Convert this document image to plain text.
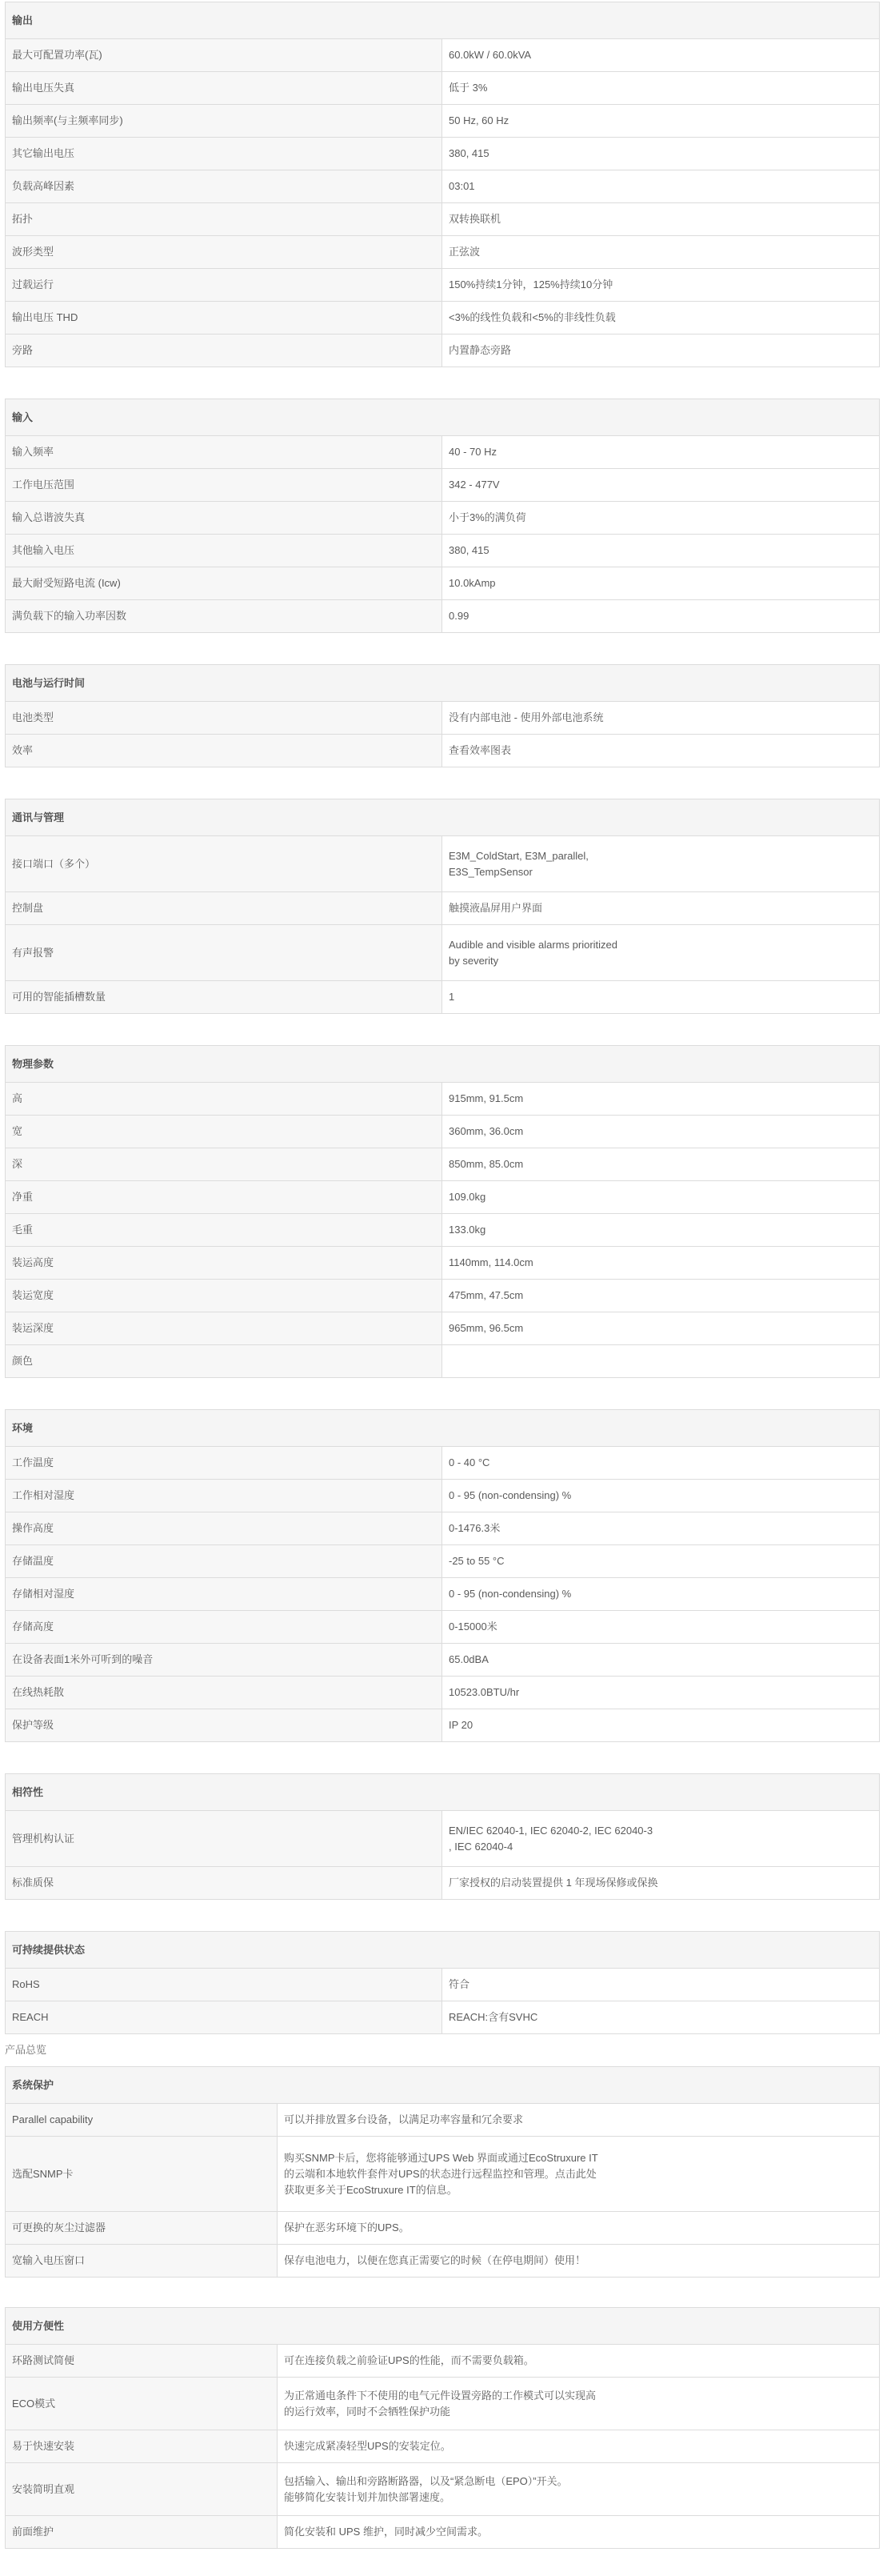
输出	
最大可配置功率(瓦)	60.0kW / 60.0kVA

输出电压失真	低于 3%

输出频率(与主频率同步)	50 Hz, 60 Hz

其它输出电压	380, 415

负载高峰因素	03:01

拓扑	双转换联机

波形类型	正弦波

过载运行	150%持续1分钟，125%持续10分钟

输出电压 THD	<3%的线性负载和<5%的非线性负载

旁路	内置静态旁路
输入	
输入频率	40 - 70 Hz

工作电压范围	342 - 477V

输入总谐波失真	小于3%的满负荷

其他输入电压	380, 415

最大耐受短路电流 (Icw)	10.0kAmp

满负载下的输入功率因数	0.99
电池与运行时间	
电池类型	没有内部电池 - 使用外部电池系统

效率	查看效率图表
通讯与管理	
接口端口（多个）	E3M_ColdStart, E3M_parallel,
E3S_TempSensor

控制盘	触摸液晶屏用户界面

有声报警	Audible and visible alarms prioritized
by severity

可用的智能插槽数量	1
物理参数	
高	915mm, 91.5cm

宽	360mm, 36.0cm

深	850mm, 85.0cm

净重	109.0kg

毛重	133.0kg

装运高度	1140mm, 114.0cm

装运宽度	475mm, 47.5cm

装运深度	965mm, 96.5cm

颜色	
环境	
工作温度	0 - 40 °C

工作相对湿度	0 - 95 (non-condensing) %

操作高度	0-1476.3米

存储温度	-25 to 55 °C

存储相对湿度	0 - 95 (non-condensing) %

存储高度	0-15000米

在设备表面1米外可听到的噪音	65.0dBA

在线热耗散	10523.0BTU/hr

保护等级	IP 20
相符性	
管理机构认证	EN/IEC 62040-1, IEC 62040-2, IEC 62040-3
, IEC 62040-4

标准质保	厂家授权的启动装置提供 1 年现场保修或保换
可持续提供状态	
RoHS	符合

REACH	REACH:含有SVHC
产品总览
系统保护	
Parallel capability	可以并排放置多台设备，以满足功率容量和冗余要求

选配SNMP卡	购买SNMP卡后，您将能够通过UPS Web 界面或通过EcoStruxure IT
的云端和本地软件套件对UPS的状态进行远程监控和管理。点击此处
获取更多关于EcoStruxure IT的信息。

可更换的灰尘过滤器	保护在恶劣环境下的UPS。

宽输入电压窗口	保存电池电力，以便在您真正需要它的时候（在停电期间）使用！
使用方便性	
环路测试简便	可在连接负载之前验证UPS的性能，而不需要负载箱。

ECO模式	为正常通电条件下不使用的电气元件设置旁路的工作模式可以实现高
的运行效率，同时不会牺牲保护功能

易于快速安装	快速完成紧凑轻型UPS的安装定位。

安装简明直观	包括输入、输出和旁路断路器，以及“紧急断电（EPO）”开关。
能够简化安装计划并加快部署速度。

前面维护	简化安装和 UPS 维护，同时减少空间需求。
